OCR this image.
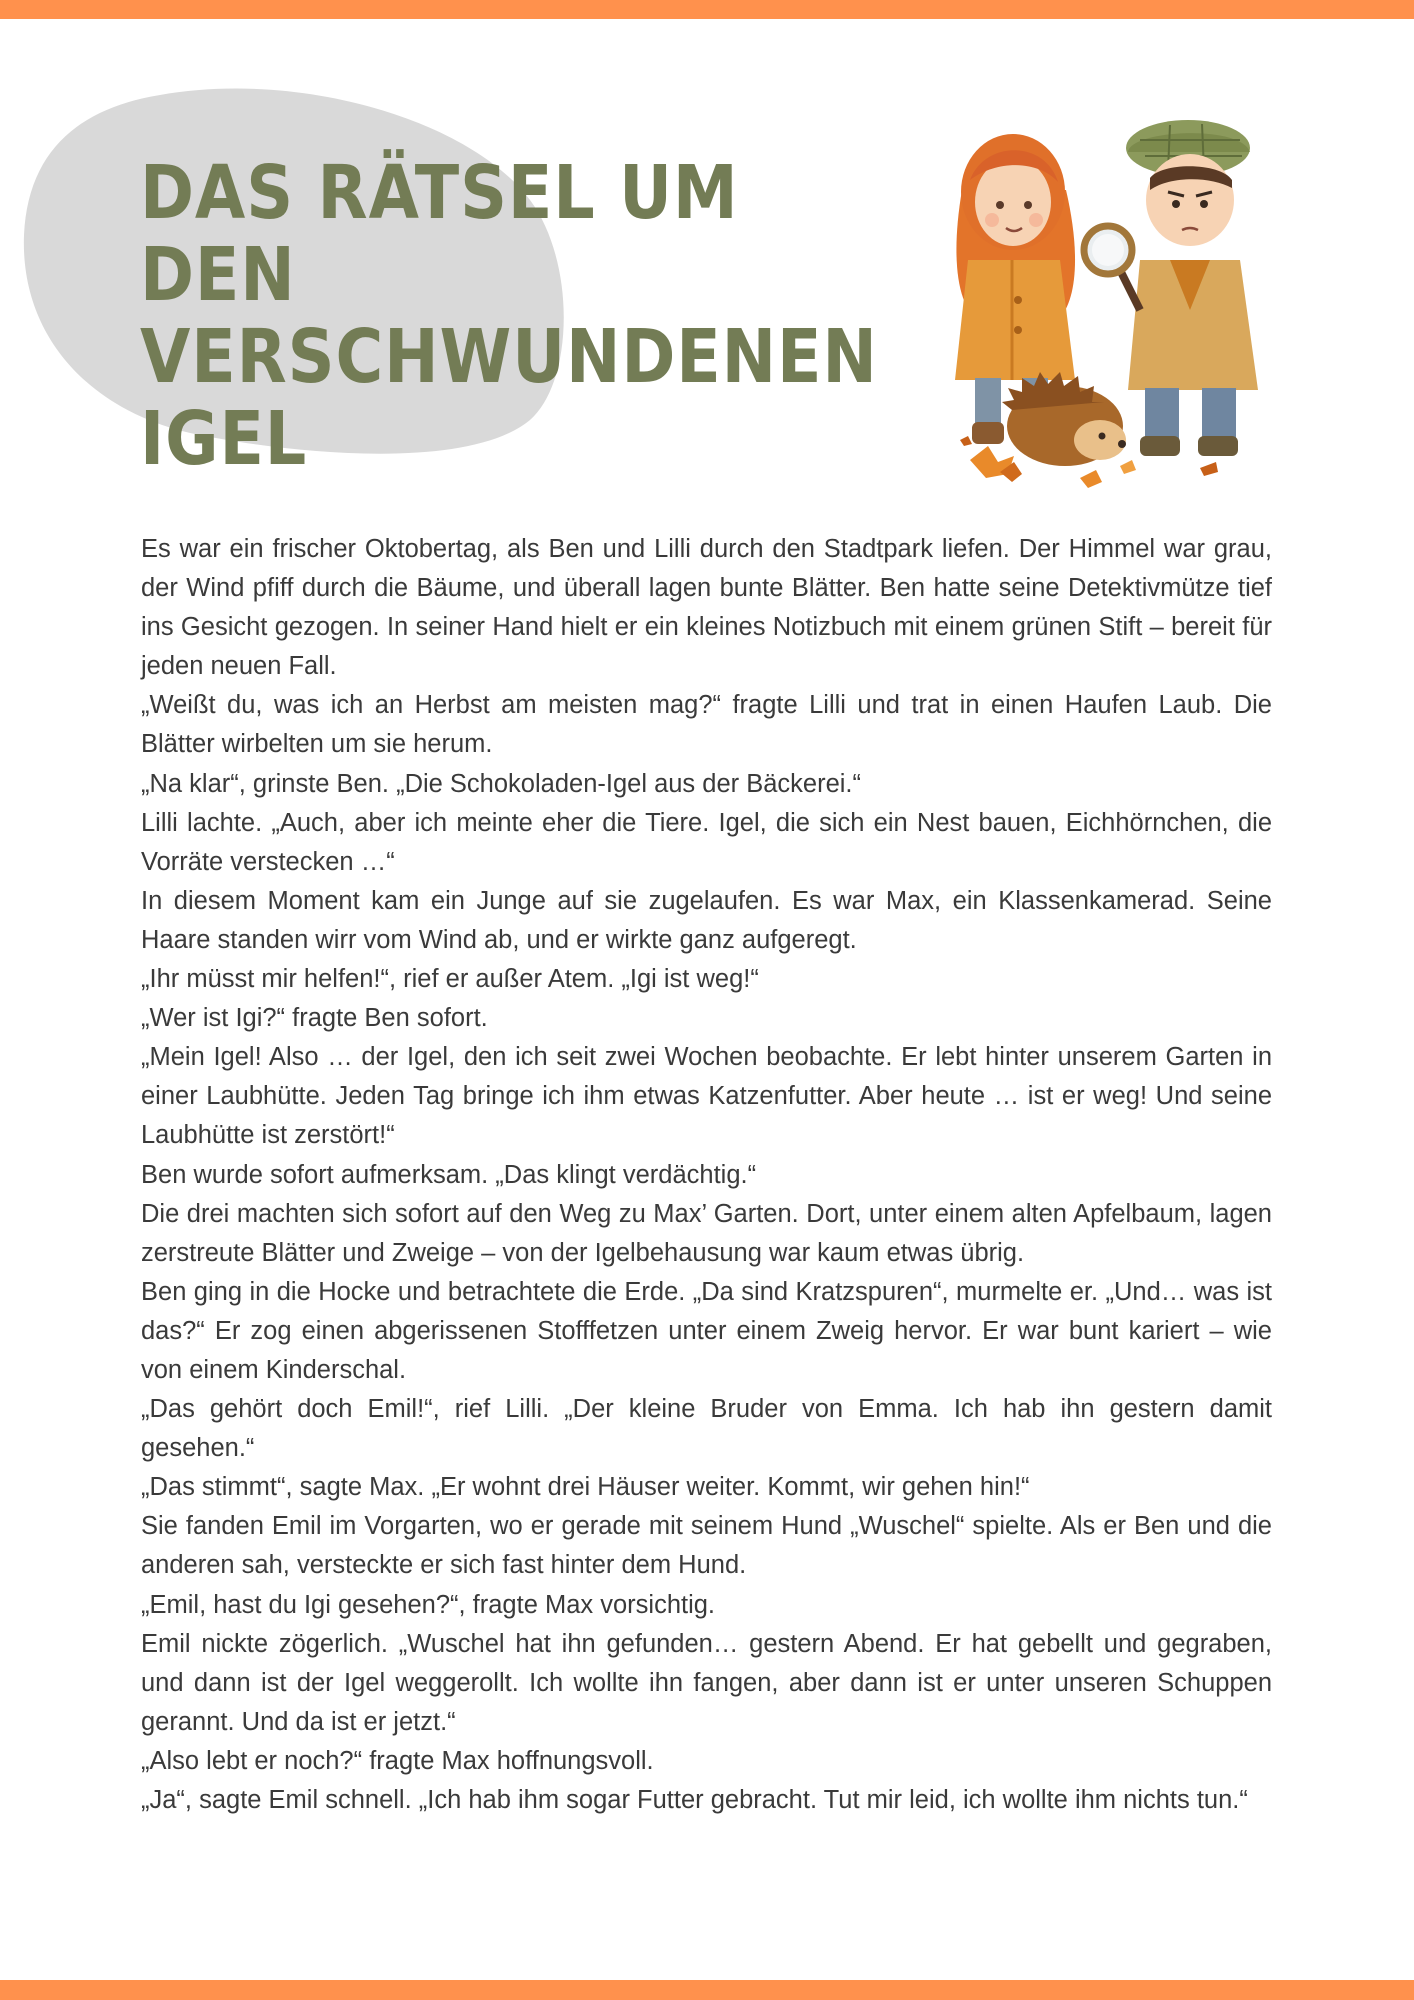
DAS RÄTSEL UM DEN
VERSCHWUNDENEN
IGEL

Es war ein frischer Oktobertag, als Ben und Lilli durch den Stadtpark liefen. Der Himmel war grau, der Wind pfiff durch die Bäume, und überall lagen bunte Blätter. Ben hatte seine Detektivmütze tief ins Gesicht gezogen. In seiner Hand hielt er ein kleines Notizbuch mit einem grünen Stift – bereit für jeden neuen Fall.

„Weißt du, was ich an Herbst am meisten mag?“ fragte Lilli und trat in einen Haufen Laub. Die Blätter wirbelten um sie herum.

„Na klar“, grinste Ben. „Die Schokoladen-Igel aus der Bäckerei.“

Lilli lachte. „Auch, aber ich meinte eher die Tiere. Igel, die sich ein Nest bauen, Eichhörnchen, die Vorräte verstecken …“

In diesem Moment kam ein Junge auf sie zugelaufen. Es war Max, ein Klassenkamerad. Seine Haare standen wirr vom Wind ab, und er wirkte ganz aufgeregt.

„Ihr müsst mir helfen!“, rief er außer Atem. „Igi ist weg!“

„Wer ist Igi?“ fragte Ben sofort.

„Mein Igel! Also … der Igel, den ich seit zwei Wochen beobachte. Er lebt hinter unserem Garten in einer Laubhütte. Jeden Tag bringe ich ihm etwas Katzenfutter. Aber heute … ist er weg! Und seine Laubhütte ist zerstört!“

Ben wurde sofort aufmerksam. „Das klingt verdächtig.“

Die drei machten sich sofort auf den Weg zu Max’ Garten. Dort, unter einem alten Apfelbaum, lagen zerstreute Blätter und Zweige – von der Igelbehausung war kaum etwas übrig.

Ben ging in die Hocke und betrachtete die Erde. „Da sind Kratzspuren“, murmelte er. „Und… was ist das?“ Er zog einen abgerissenen Stofffetzen unter einem Zweig hervor. Er war bunt kariert – wie von einem Kinderschal.

„Das gehört doch Emil!“, rief Lilli. „Der kleine Bruder von Emma. Ich hab ihn gestern damit gesehen.“

„Das stimmt“, sagte Max. „Er wohnt drei Häuser weiter. Kommt, wir gehen hin!“

Sie fanden Emil im Vorgarten, wo er gerade mit seinem Hund „Wuschel“ spielte. Als er Ben und die anderen sah, versteckte er sich fast hinter dem Hund.

„Emil, hast du Igi gesehen?“, fragte Max vorsichtig.

Emil nickte zögerlich. „Wuschel hat ihn gefunden… gestern Abend. Er hat gebellt und gegraben, und dann ist der Igel weggerollt. Ich wollte ihn fangen, aber dann ist er unter unseren Schuppen gerannt. Und da ist er jetzt.“

„Also lebt er noch?“ fragte Max hoffnungsvoll.

„Ja“, sagte Emil schnell. „Ich hab ihm sogar Futter gebracht. Tut mir leid, ich wollte ihm nichts tun.“
